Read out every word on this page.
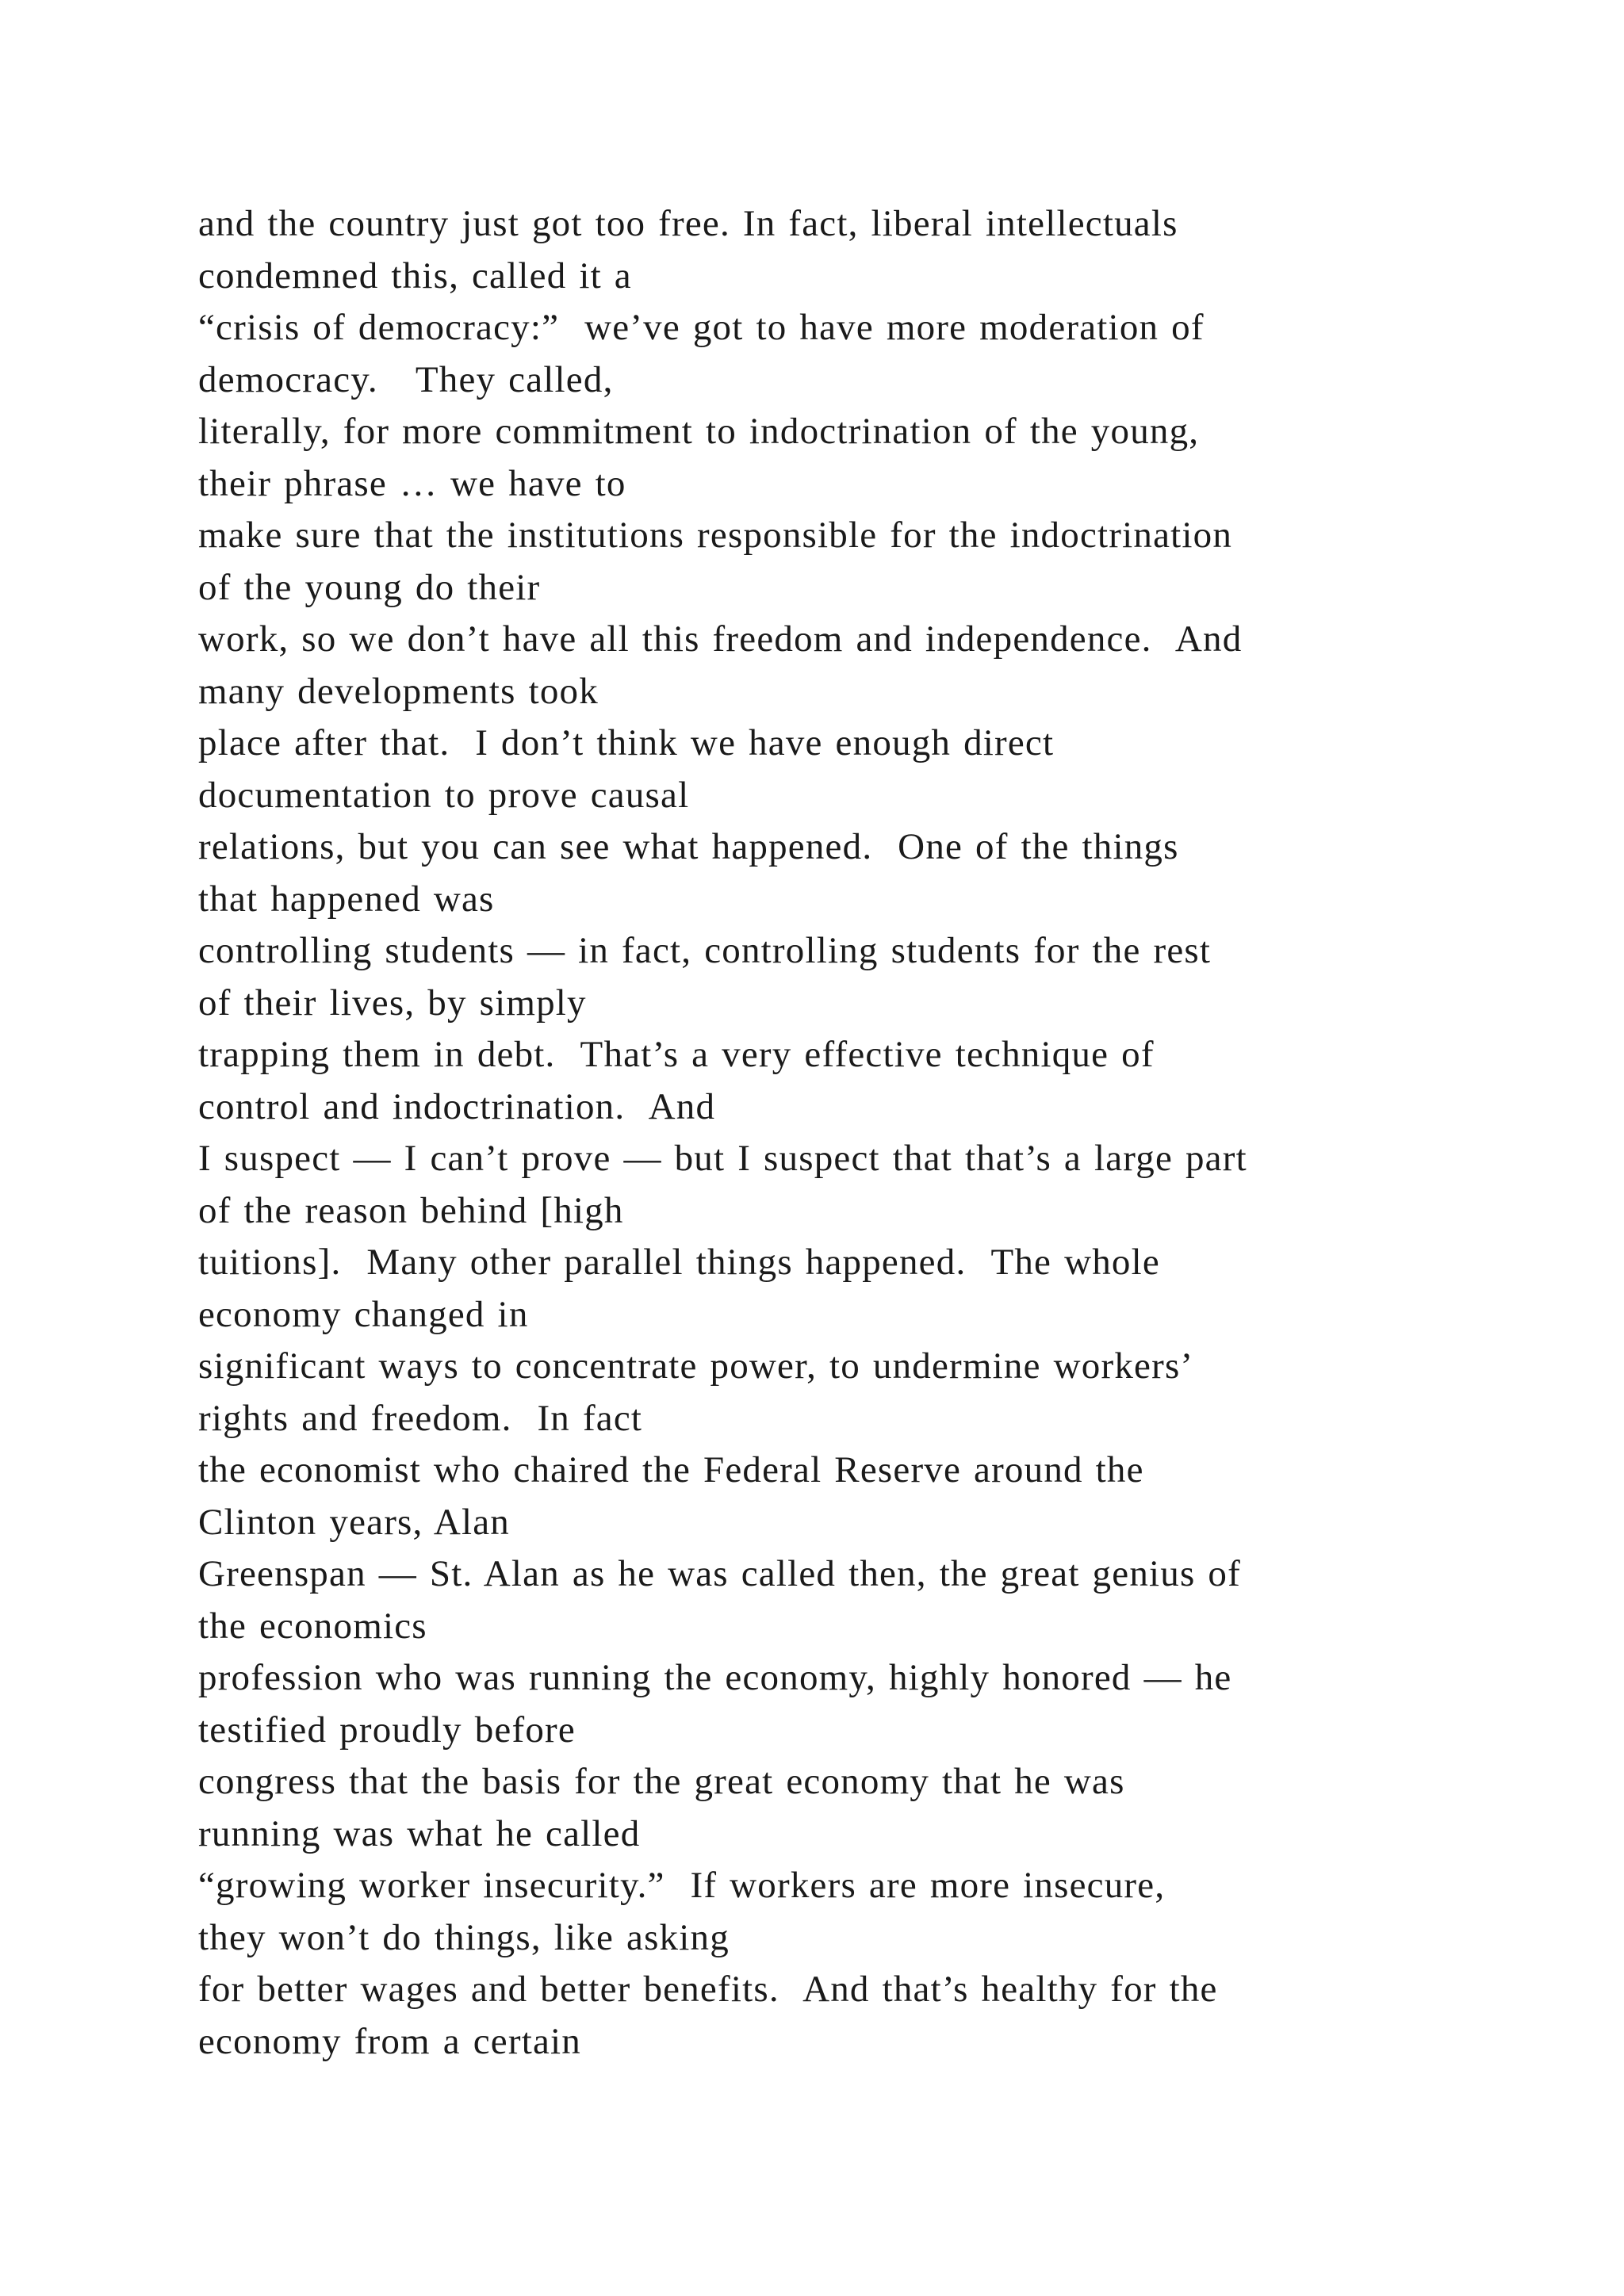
and the country just got too free. In fact, liberal intellectuals
condemned this, called it a
“crisis of democracy:”  we’ve got to have more moderation of
democracy.   They called,
literally, for more commitment to indoctrination of the young,
their phrase … we have to
make sure that the institutions responsible for the indoctrination
of the young do their
work, so we don’t have all this freedom and independence.  And
many developments took
place after that.  I don’t think we have enough direct
documentation to prove causal
relations, but you can see what happened.  One of the things
that happened was
controlling students — in fact, controlling students for the rest
of their lives, by simply
trapping them in debt.  That’s a very effective technique of
control and indoctrination.  And
I suspect — I can’t prove — but I suspect that that’s a large part
of the reason behind [high
tuitions].  Many other parallel things happened.  The whole
economy changed in
significant ways to concentrate power, to undermine workers’
rights and freedom.  In fact
the economist who chaired the Federal Reserve around the
Clinton years, Alan
Greenspan — St. Alan as he was called then, the great genius of
the economics
profession who was running the economy, highly honored — he
testified proudly before
congress that the basis for the great economy that he was
running was what he called
“growing worker insecurity.”  If workers are more insecure,
they won’t do things, like asking
for better wages and better benefits.  And that’s healthy for the
economy from a certain
